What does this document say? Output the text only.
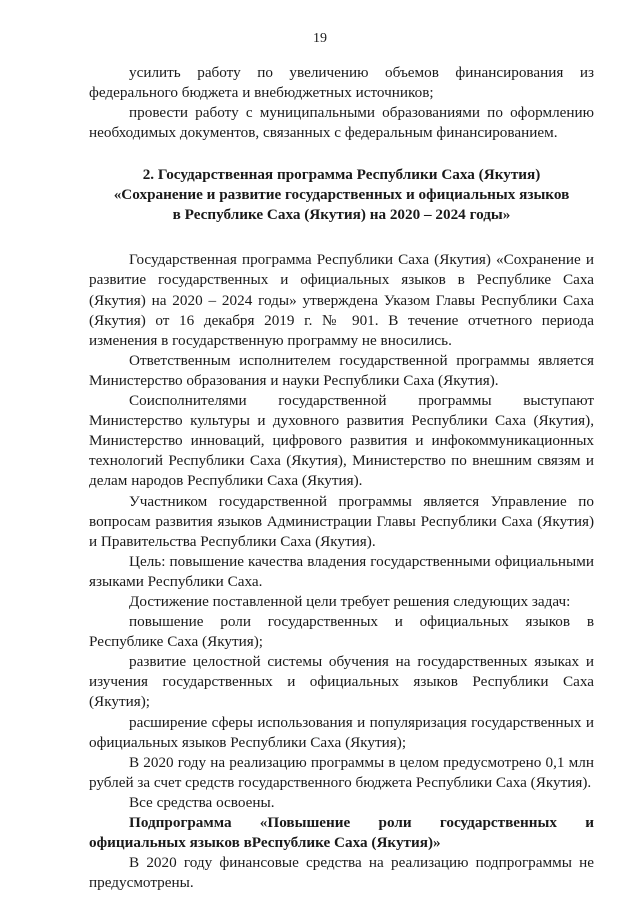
19

усилить работу по увеличению объемов финансирования из федерального бюджета и внебюджетных источников;

провести работу с муниципальными образованиями по оформлению необходимых документов, связанных с федеральным финансированием.

2. Государственная программа Республики Саха (Якутия)
«Сохранение и развитие государственных и официальных языков
в Республике Саха (Якутия) на 2020 – 2024 годы»

Государственная программа Республики Саха (Якутия) «Сохранение и развитие государственных и официальных языков в Республике Саха (Якутия) на 2020 – 2024 годы» утверждена Указом Главы Республики Саха (Якутия) от 16 декабря 2019 г. № 901. В течение отчетного периода изменения в государственную программу не вносились.

Ответственным исполнителем государственной программы является Министерство образования и науки Республики Саха (Якутия).

Соисполнителями государственной программы выступают Министерство культуры и духовного развития Республики Саха (Якутия), Министерство инноваций, цифрового развития и инфокоммуникационных технологий Республики Саха (Якутия), Министерство по внешним связям и делам народов Республики Саха (Якутия).

Участником государственной программы является Управление по вопросам развития языков Администрации Главы Республики Саха (Якутия) и Правительства Республики Саха (Якутия).

Цель: повышение качества владения государственными официальными языками Республики Саха.

Достижение поставленной цели требует решения следующих задач:

повышение роли государственных и официальных языков в Республике Саха (Якутия);

развитие целостной системы обучения на государственных языках и изучения государственных и официальных языков Республики Саха (Якутия);

расширение сферы использования и популяризация государственных и официальных языков Республики Саха (Якутия);

В 2020 году на реализацию программы в целом предусмотрено 0,1 млн рублей за счет средств государственного бюджета Республики Саха (Якутия).

Все средства освоены.

Подпрограмма «Повышение роли государственных и официальных языков вРеспублике Саха (Якутия)»

В 2020 году финансовые средства на реализацию подпрограммы не предусмотрены.
